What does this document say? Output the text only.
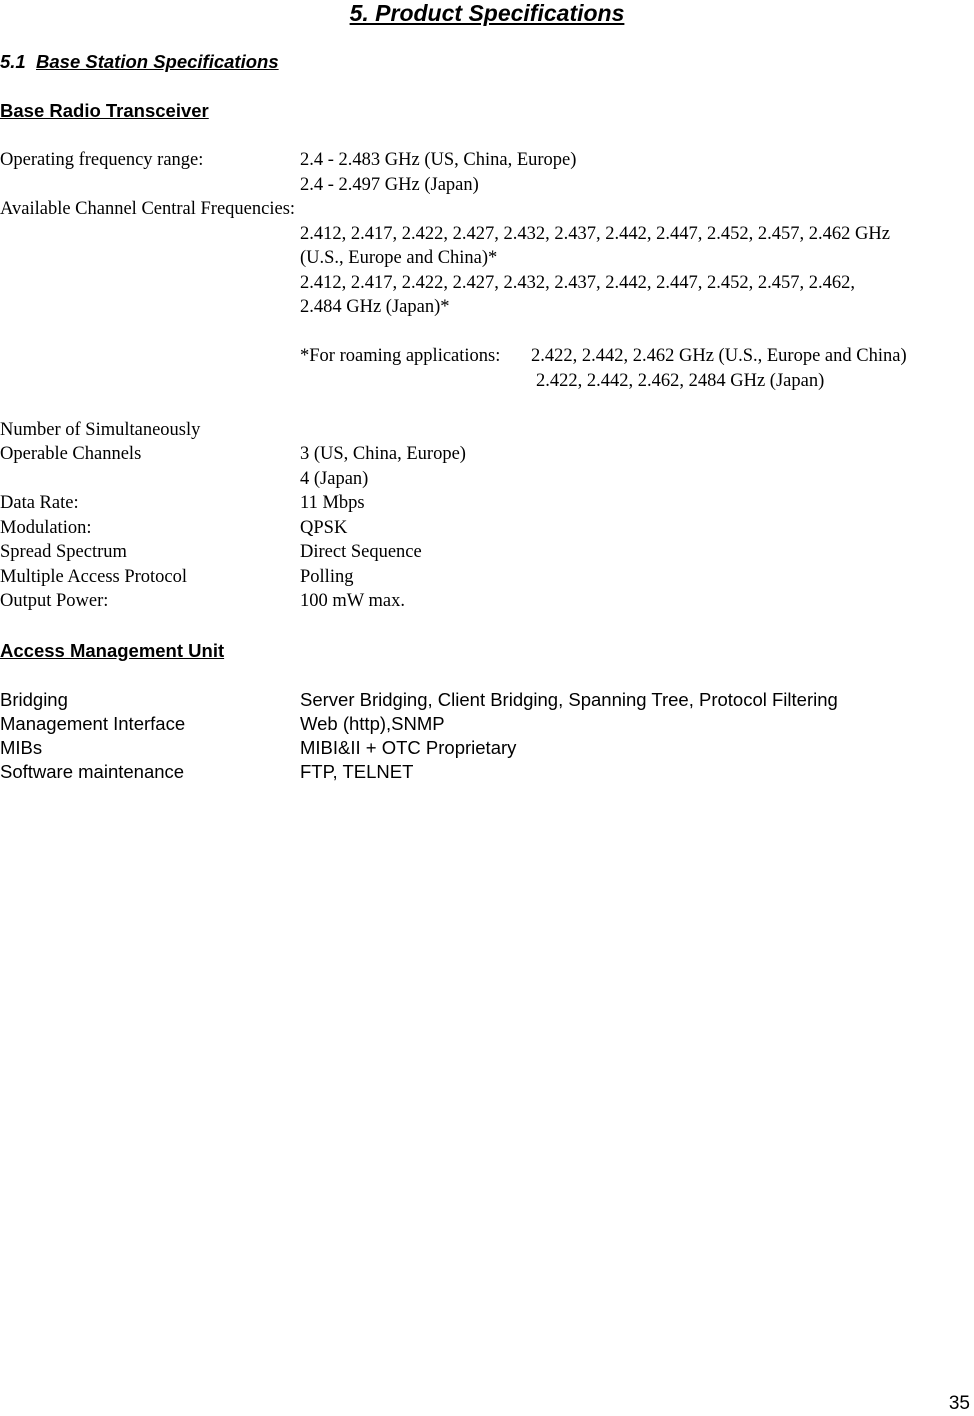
5. Product Specifications
5.1 Base Station Specifications
Base Radio Transceiver
Operating frequency range:	2.4 - 2.483 GHz (US, China, Europe)
2.4 - 2.497 GHz (Japan)
Available Channel Central Frequencies:
2.412, 2.417, 2.422, 2.427, 2.432, 2.437, 2.442, 2.447, 2.452, 2.457, 2.462 GHz
(U.S., Europe and China)*
2.412, 2.417, 2.422, 2.427, 2.432, 2.437, 2.442, 2.447, 2.452, 2.457, 2.462,
2.484 GHz (Japan)*
*For roaming applications: 2.422, 2.442, 2.462 GHz (U.S., Europe and China)
2.422, 2.442, 2.462, 2484 GHz (Japan)
Number of Simultaneously
Operable Channels	3 (US, China, Europe)
4 (Japan)
Data Rate:	11 Mbps
Modulation:	QPSK
Spread Spectrum	Direct Sequence
Multiple Access Protocol	Polling
Output Power:	100 mW max.
Access Management Unit
Bridging	Server Bridging, Client Bridging, Spanning Tree, Protocol Filtering
Management Interface	Web (http),SNMP
MIBs	MIBI&II + OTC Proprietary
Software maintenance	FTP, TELNET
35
